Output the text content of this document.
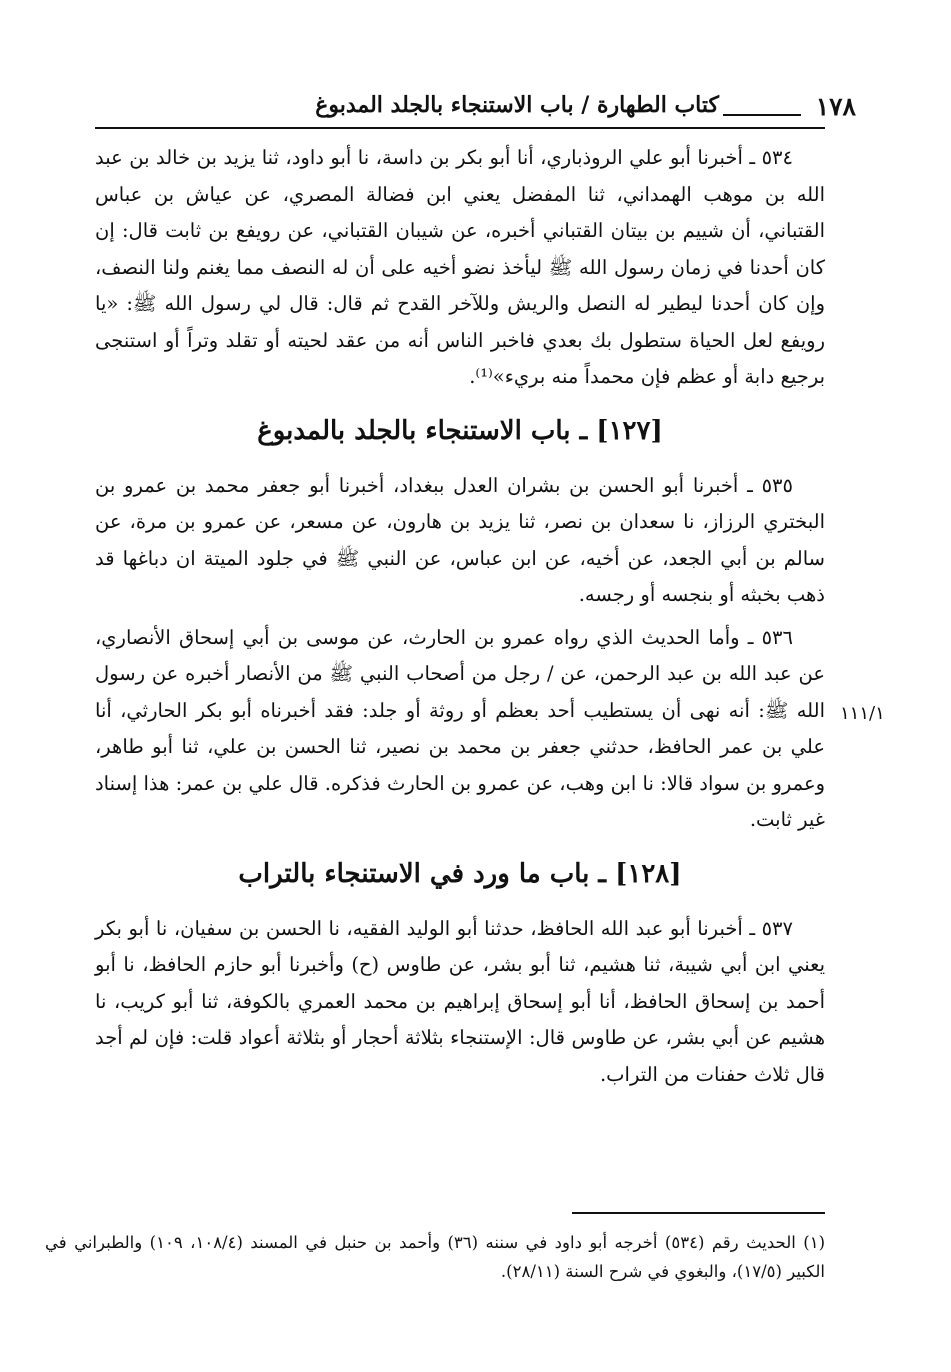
١٧٨
كتاب الطهارة / باب الاستنجاء بالجلد المدبوغ
١١١/١

٥٣٤ ـ أخبرنا أبو علي الروذباري، أنا أبو بكر بن داسة، نا أبو داود، ثنا يزيد بن خالد بن عبد الله بن موهب الهمداني، ثنا المفضل يعني ابن فضالة المصري، عن عياش بن عباس القتباني، أن شييم بن بيتان القتباني أخبره، عن شيبان القتباني، عن رويفع بن ثابت قال: إن كان أحدنا في زمان رسول الله ﷺ ليأخذ نضو أخيه على أن له النصف مما يغنم ولنا النصف، وإن كان أحدنا ليطير له النصل والريش وللآخر القدح ثم قال: قال لي رسول الله ﷺ: «يا رويفع لعل الحياة ستطول بك بعدي فاخبر الناس أنه من عقد لحيته أو تقلد وتراً أو استنجى برجيع دابة أو عظم فإن محمداً منه بريء»⁽¹⁾.

[١٢٧] ـ باب الاستنجاء بالجلد بالمدبوغ

٥٣٥ ـ أخبرنا أبو الحسن بن بشران العدل ببغداد، أخبرنا أبو جعفر محمد بن عمرو بن البختري الرزاز، نا سعدان بن نصر، ثنا يزيد بن هارون، عن مسعر، عن عمرو بن مرة، عن سالم بن أبي الجعد، عن أخيه، عن ابن عباس، عن النبي ﷺ في جلود الميتة ان دباغها قد ذهب بخبثه أو بنجسه أو رجسه.

٥٣٦ ـ وأما الحديث الذي رواه عمرو بن الحارث، عن موسى بن أبي إسحاق الأنصاري، عن عبد الله بن عبد الرحمن، عن / رجل من أصحاب النبي ﷺ من الأنصار أخبره عن رسول الله ﷺ: أنه نهى أن يستطيب أحد بعظم أو روثة أو جلد: فقد أخبرناه أبو بكر الحارثي، أنا علي بن عمر الحافظ، حدثني جعفر بن محمد بن نصير، ثنا الحسن بن علي، ثنا أبو طاهر، وعمرو بن سواد قالا: نا ابن وهب، عن عمرو بن الحارث فذكره. قال علي بن عمر: هذا إسناد غير ثابت.

[١٢٨] ـ باب ما ورد في الاستنجاء بالتراب

٥٣٧ ـ أخبرنا أبو عبد الله الحافظ، حدثنا أبو الوليد الفقيه، نا الحسن بن سفيان، نا أبو بكر يعني ابن أبي شيبة، ثنا هشيم، ثنا أبو بشر، عن طاوس (ح) وأخبرنا أبو حازم الحافظ، نا أبو أحمد بن إسحاق الحافظ، أنا أبو إسحاق إبراهيم بن محمد العمري بالكوفة، ثنا أبو كريب، نا هشيم عن أبي بشر، عن طاوس قال: الإستنجاء بثلاثة أحجار أو بثلاثة أعواد قلت: فإن لم أجد قال ثلاث حفنات من التراب.

(١) الحديث رقم (٥٣٤) أخرجه أبو داود في سننه (٣٦) وأحمد بن حنبل في المسند (١٠٨/٤، ١٠٩) والطبراني في الكبير (١٧/٥)، والبغوي في شرح السنة (٢٨/١١).
